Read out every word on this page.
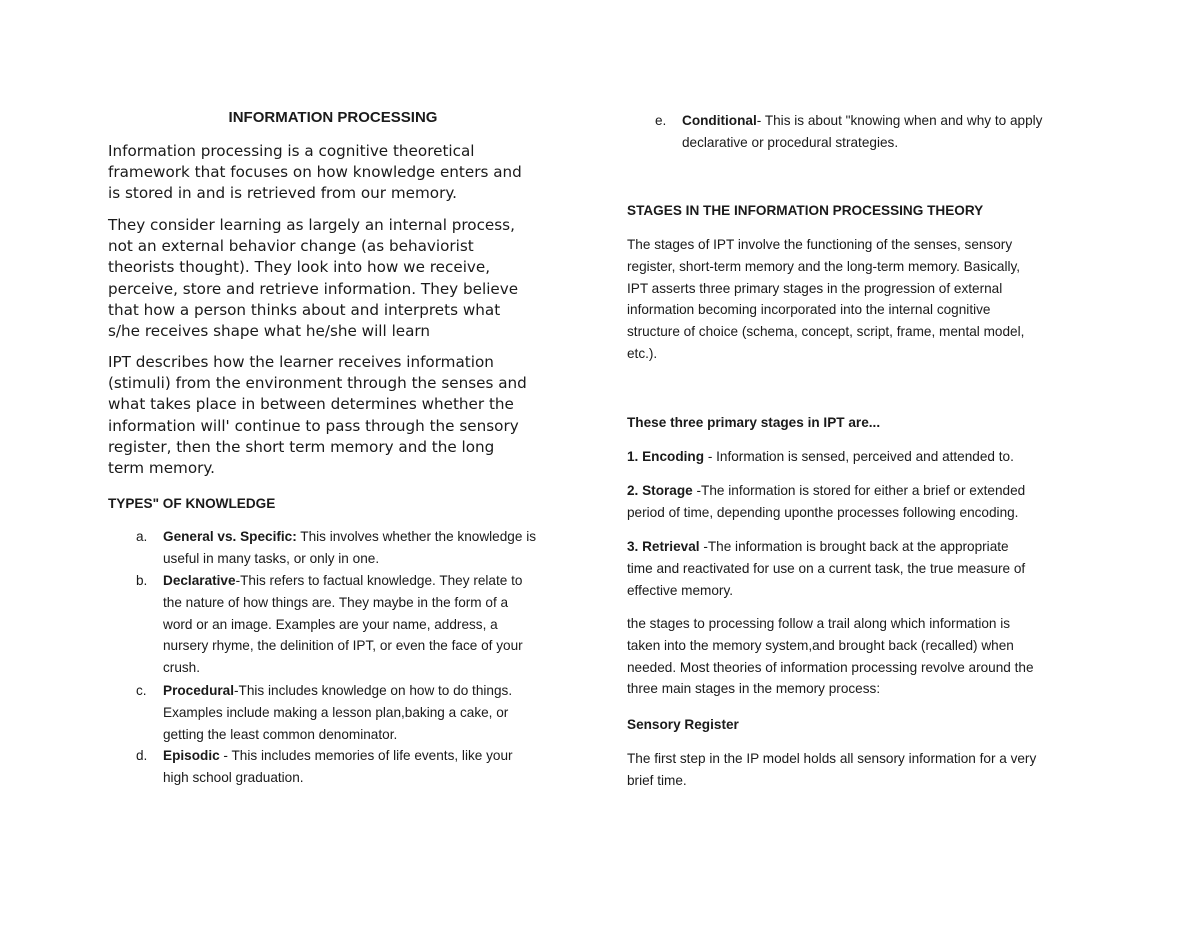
INFORMATION PROCESSING
Information processing is a cognitive theoretical
framework that focuses on how knowledge enters and
is stored in and is retrieved from our memory.
They consider learning as largely an internal process,
not an external behavior change (as behaviorist
theorists thought). They look into how we receive,
perceive, store and retrieve information. They believe
that how a person thinks about and interprets what
s/he receives shape what he/she will learn
IPT describes how the learner receives information
(stimuli) from the environment through the senses and
what takes place in between determines whether the
information will' continue to pass through the sensory
register, then the short term memory and the long
term memory.
TYPES" OF KNOWLEDGE
a. General vs. Specific: This involves whether the knowledge is
useful in many tasks, or only in one.
b. Declarative-This refers to factual knowledge. They relate to
the nature of how things are. They maybe in the form of a
word or an image. Examples are your name, address, a
nursery rhyme, the delinition of IPT, or even the face of your
crush.
c. Procedural-This includes knowledge on how to do things.
Examples include making a lesson plan,baking a cake, or
getting the least common denominator.
d. Episodic - This includes memories of life events, like your
high school graduation.
e. Conditional- This is about "knowing when and why to apply
declarative or procedural strategies.
STAGES IN THE INFORMATION PROCESSING THEORY
The stages of IPT involve the functioning of the senses, sensory
register, short-term memory and the long-term memory. Basically,
IPT asserts three primary stages in the progression of external
information becoming incorporated into the internal cognitive
structure of choice (schema, concept, script, frame, mental model,
etc.).
These three primary stages in IPT are...
1. Encoding - Information is sensed, perceived and attended to.
2. Storage -The information is stored for either a brief or extended
period of time, depending uponthe processes following encoding.
3. Retrieval -The information is brought back at the appropriate
time and reactivated for use on a current task, the true measure of
effective memory.
the stages to processing follow a trail along which information is
taken into the memory system,and brought back (recalled) when
needed. Most theories of information processing revolve around the
three main stages in the memory process:
Sensory Register
The first step in the IP model holds all sensory information for a very
brief time.
